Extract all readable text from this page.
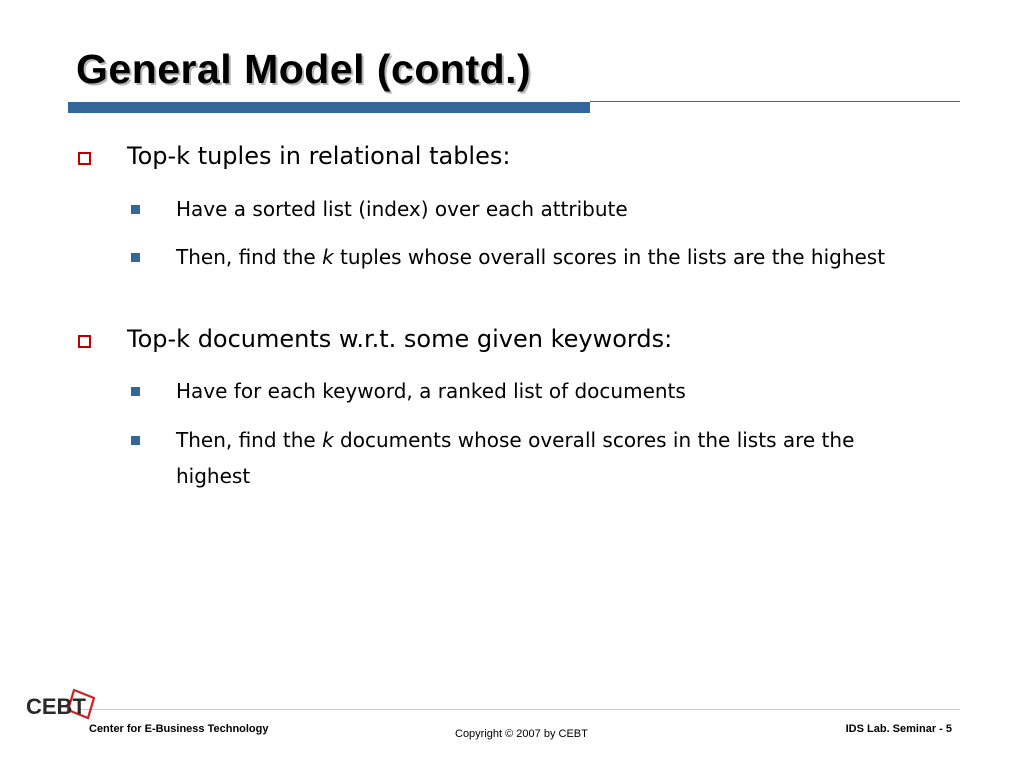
General Model (contd.)
Top-k tuples in relational tables:
Have a sorted list (index) over each attribute
Then, find the k tuples whose overall scores in the lists are the highest
Top-k documents w.r.t. some given keywords:
Have for each keyword, a ranked list of documents
Then, find the k documents whose overall scores in the lists are the highest
CEBT
Center for E-Business Technology	Copyright © 2007 by CEBT	IDS Lab. Seminar - 5
